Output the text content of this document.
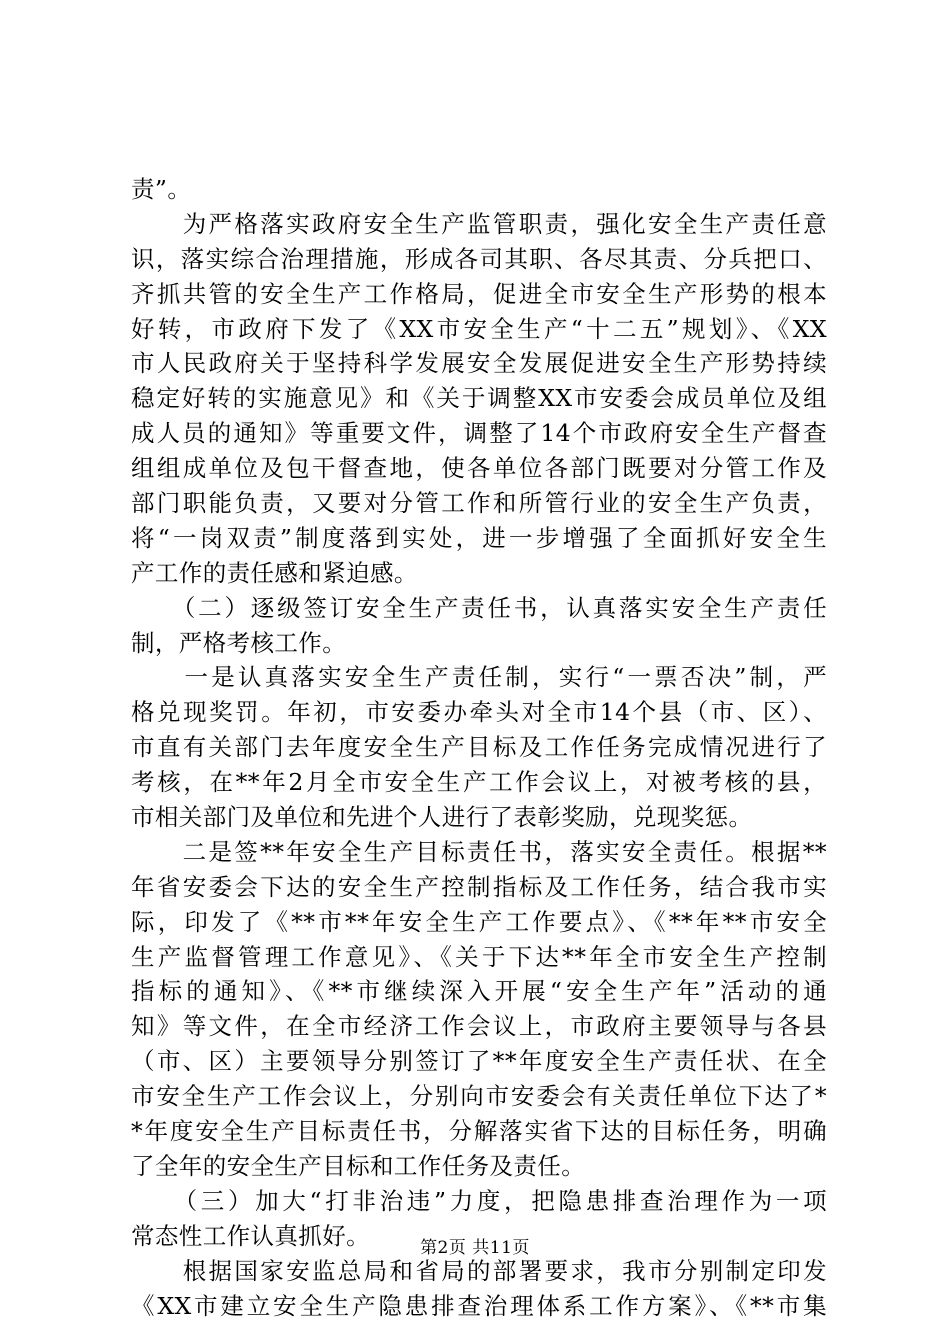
责”。
　　为严格落实政府安全生产监管职责，强化安全生产责任意
识，落实综合治理措施，形成各司其职、各尽其责、分兵把口、
齐抓共管的安全生产工作格局，促进全市安全生产形势的根本
好转，市政府下发了《XX市安全生产“十二五”规划》、《XX
市人民政府关于坚持科学发展安全发展促进安全生产形势持续
稳定好转的实施意见》和《关于调整XX市安委会成员单位及组
成人员的通知》等重要文件，调整了14个市政府安全生产督查
组组成单位及包干督查地，使各单位各部门既要对分管工作及
部门职能负责，又要对分管工作和所管行业的安全生产负责，
将“一岗双责”制度落到实处，进一步增强了全面抓好安全生
产工作的责任感和紧迫感。
　　（二）逐级签订安全生产责任书，认真落实安全生产责任
制，严格考核工作。
　　一是认真落实安全生产责任制，实行“一票否决”制，严
格兑现奖罚。年初，市安委办牵头对全市14个县（市、区）、
市直有关部门去年度安全生产目标及工作任务完成情况进行了
考核，在**年2月全市安全生产工作会议上，对被考核的县，
市相关部门及单位和先进个人进行了表彰奖励，兑现奖惩。
　　二是签**年安全生产目标责任书，落实安全责任。根据**
年省安委会下达的安全生产控制指标及工作任务，结合我市实
际，印发了《**市**年安全生产工作要点》、《**年**市安全
生产监督管理工作意见》、《关于下达**年全市安全生产控制
指标的通知》、《**市继续深入开展“安全生产年”活动的通
知》等文件，在全市经济工作会议上，市政府主要领导与各县
（市、区）主要领导分别签订了**年度安全生产责任状、在全
市安全生产工作会议上，分别向市安委会有关责任单位下达了*
*年度安全生产目标责任书，分解落实省下达的目标任务，明确
了全年的安全生产目标和工作任务及责任。
　　（三）加大“打非治违”力度，把隐患排查治理作为一项
常态性工作认真抓好。
　　根据国家安监总局和省局的部署要求，我市分别制定印发
《XX市建立安全生产隐患排查治理体系工作方案》、《**市集
第2页 共11页
